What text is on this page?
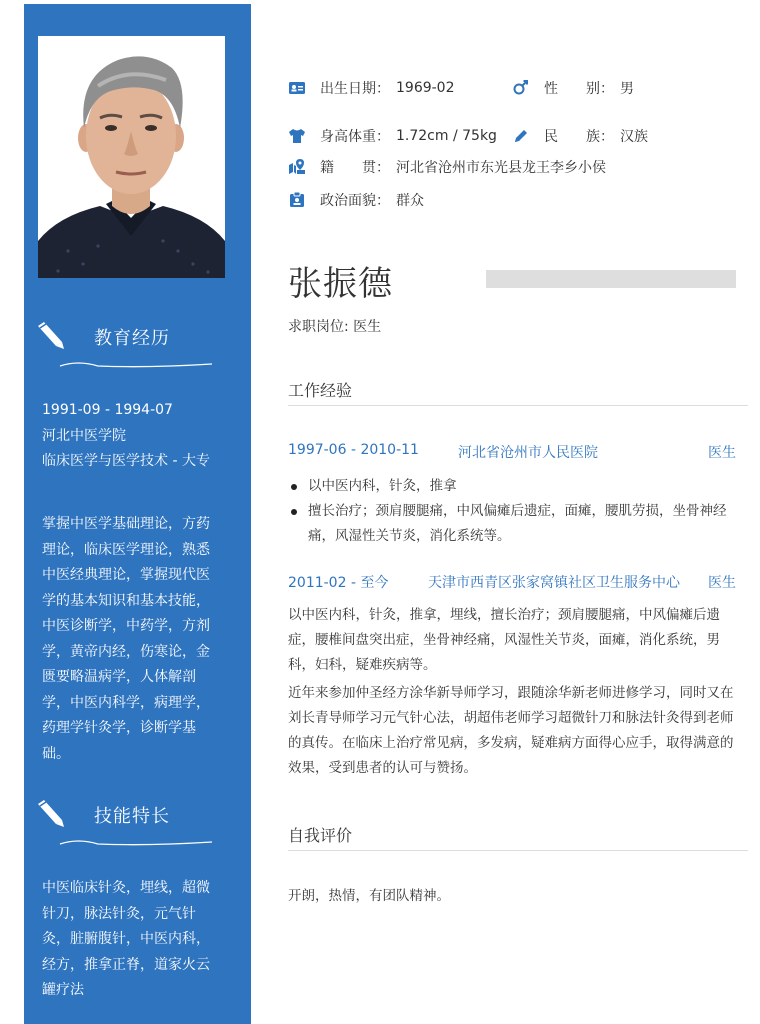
教育经历
1991-09 - 1994-07
河北中医学院
临床医学与医学技术 - 大专
掌握中医学基础理论，方药理论，临床医学理论，熟悉中医经典理论，掌握现代医学的基本知识和基本技能，中医诊断学，中药学，方剂学，黄帝内经，伤寒论，金匮要略温病学，人体解剖学，中医内科学，病理学，药理学针灸学，诊断学基础。
技能特长
中医临床针灸，埋线，超微针刀，脉法针灸，元气针灸，脏腑腹针，中医内科，经方，推拿正脊，道家火云罐疗法
出生日期： 1969-02	性　　别： 男
身高体重： 1.72cm / 75kg	民　　族： 汉族
籍　　贯： 河北省沧州市东光县龙王李乡小侯
政治面貌： 群众
张振德
求职岗位: 医生
工作经验
1997-06 - 2010-11	河北省沧州市人民医院	医生
以中医内科，针灸，推拿
擅长治疗；颈肩腰腿痛，中风偏瘫后遗症，面瘫，腰肌劳损，坐骨神经痛，风湿性关节炎，消化系统等。
2011-02 - 至今	天津市西青区张家窝镇社区卫生服务中心 医生

以中医内科，针灸，推拿，埋线，擅长治疗；颈肩腰腿痛，中风偏瘫后遗症，腰椎间盘突出症，坐骨神经痛，风湿性关节炎，面瘫，消化系统，男科，妇科，疑难疾病等。

近年来参加仲圣经方涂华新导师学习，跟随涂华新老师进修学习，同时又在刘长青导师学习元气针心法，胡超伟老师学习超微针刀和脉法针灸得到老师的真传。在临床上治疗常见病，多发病，疑难病方面得心应手，取得满意的效果，受到患者的认可与赞扬。

自我评价

开朗，热情，有团队精神。
